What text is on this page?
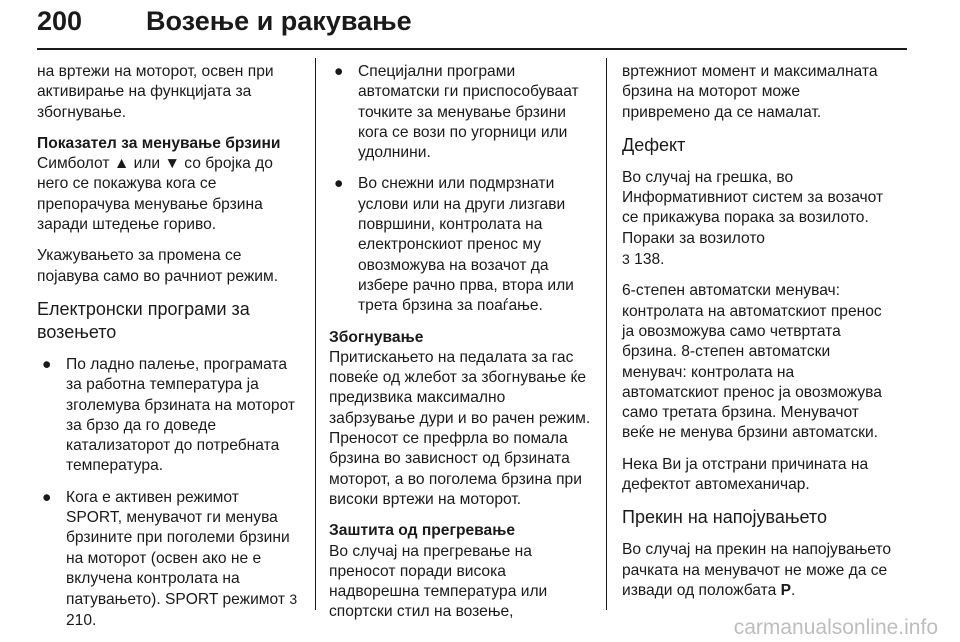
200 Возење и ракување

на вртежи на моторот, освен при активирање на функцијата за збогнување.

Показател за менување брзини

Симболот ▲ или ▼ со бројка до него се покажува кога се препорачува менување брзина заради штедење гориво.

Укажувањето за промена се појавува само во рачниот режим.

Електронски програми за возењето

● По ладно палење, програмата за работна температура ја зголемува брзината на моторот за брзо да го доведе катализаторот до потребната температура.
● Кога е активен режимот SPORT, менувачот ги менува брзините при поголеми брзини на моторот (освен ако не е вклучена контролата на патувањето). SPORT режимот 3 210.
● Специјални програми автоматски ги приспособуваат точките за менување брзини кога се вози по угорници или удолнини.
● Во снежни или подмрзнати услови или на други лизгави површини, контролата на електронскиот пренос му овозможува на возачот да избере рачно прва, втора или трета брзина за поаѓање.

Збогнување

Притискањето на педалата за гас повеќе од жлебот за збогнување ќе предизвика максимално забрзување дури и во рачен режим. Преносот се префрла во помала брзина во зависност од брзината моторот, а во поголема брзина при високи вртежи на моторот.

Заштита од прегревање

Во случај на прегревање на преносот поради висока надворешна температура или спортски стил на возење,

вртежниот момент и максималната брзина на моторот може привремено да се намалат.

Дефект

Во случај на грешка, во Информативниот систем за возачот се прикажува порака за возилото. Пораки за возилото
3 138.

6-степен автоматски менувач: контролата на автоматскиот пренос ја овозможува само четвртата брзина. 8-степен автоматски менувач: контролата на автоматскиот пренос ја овозможува само третата брзина. Менувачот веќе не менува брзини автоматски.

Нека Ви ја отстрани причината на дефектот автомеханичар.

Прекин на напојувањето

Во случај на прекин на напојувањето рачката на менувачот не може да се извади од положбата P.

carmanualsonline.info
